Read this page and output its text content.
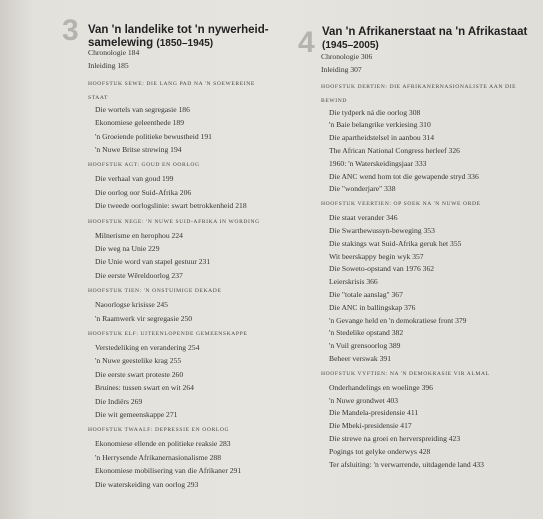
3 Van 'n landelike tot 'n nywerheid-samelewing (1850–1945)
Chronologie 184
Inleiding 185
HOOFSTUK SEWE: DIE LANG PAD NA 'N SOEWEREINE STAAT
Die wortels van segregasie 186
Ekonomiese geleenthede 189
'n Groeiende politieke bewustheid 191
'n Nuwe Britse strewing 194
HOOFSTUK AGT: GOUD EN OORLOG
Die verhaal van goud 199
Die oorlog oor Suid-Afrika 206
Die tweede oorlogslinie: swart betrokkenheid 218
HOOFSTUK NEGE: 'N NUWE SUID-AFRIKA IN WORDING
Milnerisme en herophou 224
Die weg na Unie 229
Die Unie word van stapel gestuur 231
Die eerste Wêreldoorlog 237
HOOFSTUK TIEN: 'N ONSTUIMIGE DEKADE
Naoorlogse krisisse 245
'n Raamwerk vir segregasie 250
HOOFSTUK ELF: UITEENLOPENDE GEMEENSKAPPE
Verstedeliking en verandering 254
'n Nuwe geestelike krag 255
Die eerste swart proteste 260
Bruines: tussen swart en wit 264
Die Indiërs 269
Die wit gemeenskappe 271
HOOFSTUK TWAALF: DEPRESSIE EN OORLOG
Ekonomiese ellende en politieke reaksie 283
'n Herrysende Afrikanernasionalisme 288
Ekonomiese mobilisering van die Afrikaner 291
Die waterskeiding van oorlog 293
4 Van 'n Afrikanerstaat na 'n Afrikastaat
(1945–2005)
Chronologie 306
Inleiding 307
HOOFSTUK DERTIEN: DIE AFRIKANERNASIONALISTE AAN DIE BEWIND
Die tydperk ná die oorlog 308
'n Baie belangrike verkiesing 310
Die apartheidstelsel in aanbou 314
The African National Congress herleef 326
1960: 'n Waterskeidingsjaar 333
Die ANC wend hom tot die gewapende stryd 336
Die "wonderjare" 338
HOOFSTUK VEERTIEN: OP SOEK NA 'N NUWE ORDE
Die staat verander 346
Die Swartbewussyn-beweging 353
Die stakings wat Suid-Afrika geruk het 355
Wit beerskappy begin wyk 357
Die Soweto-opstand van 1976 362
Leierskrisis 366
Die "totale aanslag" 367
Die ANC in ballingskap 376
'n Gevange held en 'n demokratiese front 379
'n Stedelike opstand 382
'n Vuil grensoorlog 389
Beheer verswak 391
HOOFSTUK VYFTIEN: NA 'N DEMOKRASIE VIR ALMAL
Onderhandelings en woelinge 396
'n Nuwe grondwet 403
Die Mandela-presidensie 411
Die Mbeki-presidensie 417
Die strewe na groei en herverspreiding 423
Pogings tot gelyke onderwys 428
Ter afsluiting: 'n verwarrende, uitdagende land 433
